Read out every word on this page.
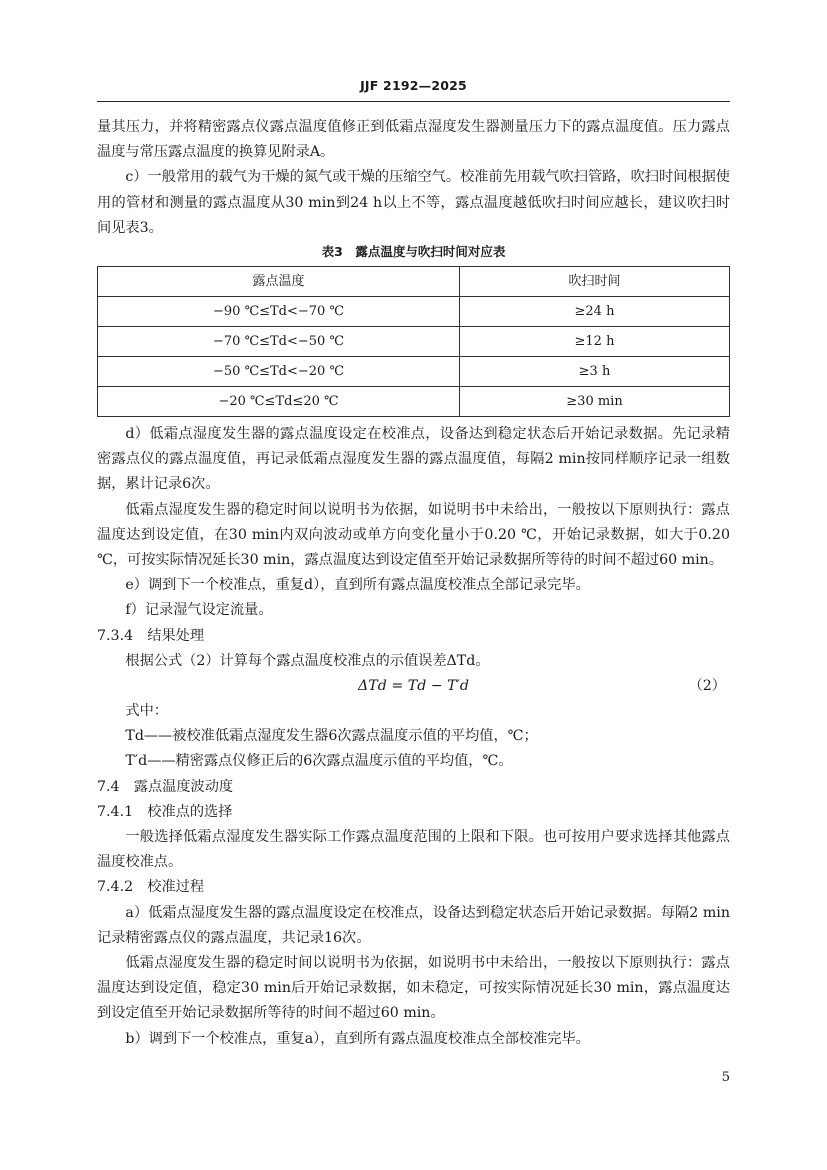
JJF 2192—2025

量其压力，并将精密露点仪露点温度值修正到低霜点湿度发生器测量压力下的露点温度值。压力露点温度与常压露点温度的换算见附录A。

c）一般常用的载气为干燥的氮气或干燥的压缩空气。校准前先用载气吹扫管路，吹扫时间根据使用的管材和测量的露点温度从30 min到24 h以上不等，露点温度越低吹扫时间应越长，建议吹扫时间见表3。

表3　露点温度与吹扫时间对应表
露点温度	吹扫时间
−90 ℃≤Td<−70 ℃	≥24 h
−70 ℃≤Td<−50 ℃	≥12 h
−50 ℃≤Td<−20 ℃	≥3 h
−20 ℃≤Td≤20 ℃	≥30 min

d）低霜点湿度发生器的露点温度设定在校准点，设备达到稳定状态后开始记录数据。先记录精密露点仪的露点温度值，再记录低霜点湿度发生器的露点温度值，每隔2 min按同样顺序记录一组数据，累计记录6次。

低霜点湿度发生器的稳定时间以说明书为依据，如说明书中未给出，一般按以下原则执行：露点温度达到设定值，在30 min内双向波动或单方向变化量小于0.20 ℃，开始记录数据，如大于0.20 ℃，可按实际情况延长30 min，露点温度达到设定值至开始记录数据所等待的时间不超过60 min。

e）调到下一个校准点，重复d），直到所有露点温度校准点全部记录完毕。

f）记录湿气设定流量。

7.3.4　结果处理

根据公式（2）计算每个露点温度校准点的示值误差ΔTd。

ΔTd = Td − T′d	（2）

式中：

Td——被校准低霜点湿度发生器6次露点温度示值的平均值，℃；

T′d——精密露点仪修正后的6次露点温度示值的平均值，℃。

7.4　露点温度波动度

7.4.1　校准点的选择

一般选择低霜点湿度发生器实际工作露点温度范围的上限和下限。也可按用户要求选择其他露点温度校准点。

7.4.2　校准过程

a）低霜点湿度发生器的露点温度设定在校准点，设备达到稳定状态后开始记录数据。每隔2 min记录精密露点仪的露点温度，共记录16次。

低霜点湿度发生器的稳定时间以说明书为依据，如说明书中未给出，一般按以下原则执行：露点温度达到设定值，稳定30 min后开始记录数据，如未稳定，可按实际情况延长30 min，露点温度达到设定值至开始记录数据所等待的时间不超过60 min。

b）调到下一个校准点，重复a），直到所有露点温度校准点全部校准完毕。

5
